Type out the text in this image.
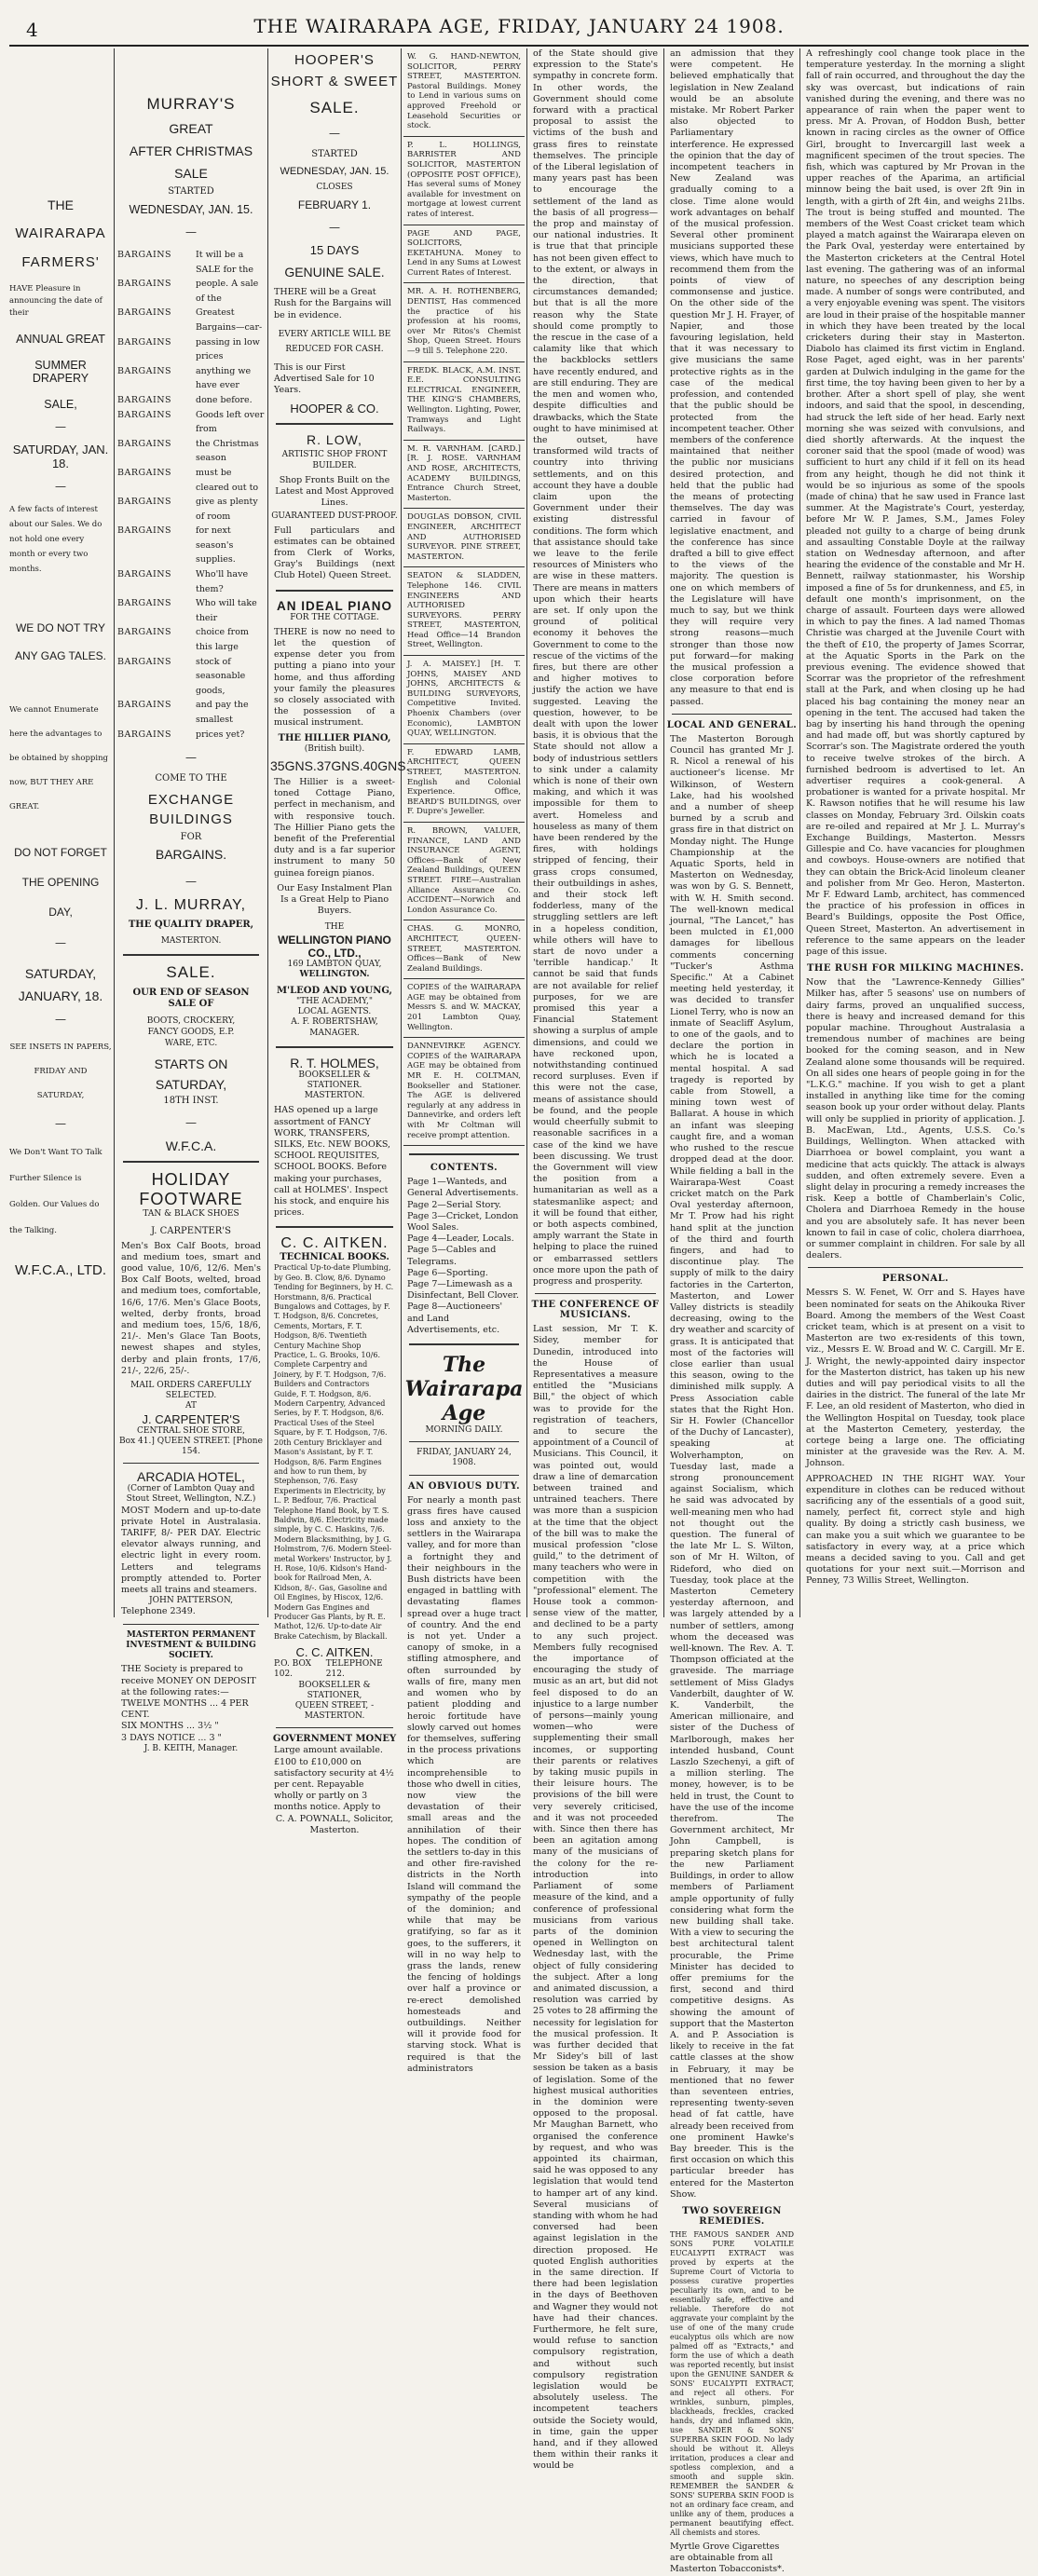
4	THE WAIRARAPA AGE, FRIDAY, JANUARY 24 1908.
THE
WAIRARAPA
FARMERS'
HAVE Pleasure in announcing the date of their
ANNUAL GREAT
SUMMER DRAPERY
SALE,
—
SATURDAY, JAN. 18.
—
A few facts of interest about our Sales. We do not hold one every month or every two months.
WE DO NOT TRY ANY GAG TALES.
We cannot Enumerate here the advantages to be obtained by shopping now, BUT THEY ARE GREAT.
DO NOT FORGET THE OPENING DAY,
—
SATURDAY,
JANUARY, 18.
—
SEE INSETS IN PAPERS, FRIDAY AND SATURDAY,
—
We Don't Want TO Talk Further Silence is Golden. Our Values do the Talking.
W.F.C.A., LTD.
MURRAY'S
GREAT
AFTER CHRISTMAS
SALE
STARTED
WEDNESDAY, JAN. 15.
—
BARGAINS	It will be a SALE for the
BARGAINS	people. A sale of the
BARGAINS	Greatest Bargains—car-
BARGAINS	passing in low prices
BARGAINS	anything we have ever
BARGAINS	done before.
BARGAINS	Goods left over from
BARGAINS	the Christmas season
BARGAINS	must be cleared out to
BARGAINS	give as plenty of room
BARGAINS	for next season's supplies.
BARGAINS	Who'll have them?
BARGAINS	Who will take their
BARGAINS	choice from this large
BARGAINS	stock of seasonable goods,
BARGAINS	and pay the smallest
BARGAINS	prices yet?
—
COME TO THE
EXCHANGE
BUILDINGS
FOR
BARGAINS.
—
J. L. MURRAY,
THE QUALITY DRAPER,
MASTERTON.
SALE.
OUR END OF SEASON SALE OF
BOOTS, CROCKERY, FANCY GOODS, E.P. WARE, ETC.
STARTS ON
SATURDAY,
18TH INST.
—
W.F.C.A.
HOLIDAY
FOOTWARE
TAN & BLACK SHOES
J. CARPENTER'S
Men's Box Calf Boots, broad and medium toes, smart and good value, 10/6, 12/6. Men's Box Calf Boots, welted, broad and medium toes, comfortable, 16/6, 17/6. Men's Glace Boots, welted, derby fronts, broad and medium toes, 15/6, 18/6, 21/-. Men's Glace Tan Boots, newest shapes and styles, derby and plain fronts, 17/6, 21/-, 22/6, 25/-.
MAIL ORDERS CAREFULLY SELECTED.
AT
J. CARPENTER'S
CENTRAL SHOE STORE,
Box 41.] QUEEN STREET. [Phone 154.
ARCADIA HOTEL,
(Corner of Lambton Quay and Stout Street, Wellington, N.Z.)
MOST Modern and up-to-date private Hotel in Australasia. TARIFF, 8/- PER DAY. Electric elevator always running, and electric light in every room. Letters and telegrams promptly attended to. Porter meets all trains and steamers.
JOHN PATTERSON,
Telephone 2349.
MASTERTON PERMANENT INVESTMENT & BUILDING SOCIETY.
THE Society is prepared to receive MONEY ON DEPOSIT at the following rates:—
TWELVE MONTHS ... 4 PER CENT.
SIX MONTHS ... 3½ "
3 DAYS NOTICE ... 3 "
J. B. KEITH, Manager.
HOOPER'S
SHORT & SWEET
SALE.
—
STARTED
WEDNESDAY, JAN. 15.
CLOSES
FEBRUARY 1.
—
15 DAYS
GENUINE SALE.
THERE will be a Great Rush for the Bargains will be in evidence.
EVERY ARTICLE WILL BE REDUCED FOR CASH.
This is our First Advertised Sale for 10 Years.
HOOPER & CO.
R. LOW,
ARTISTIC SHOP FRONT BUILDER.
Shop Fronts Built on the Latest and Most Approved Lines.
GUARANTEED DUST-PROOF.
Full particulars and estimates can be obtained from Clerk of Works, Gray's Buildings (next Club Hotel) Queen Street.
AN IDEAL PIANO
FOR THE COTTAGE.
THERE is now no need to let the question of expense deter you from putting a piano into your home, and thus affording your family the pleasures so closely associated with the possession of a musical instrument.
THE HILLIER PIANO,
(British built).
35GNS. 37GNS. 40GNS.
The Hillier is a sweet-toned Cottage Piano, perfect in mechanism, and with responsive touch. The Hillier Piano gets the benefit of the Preferential duty and is a far superior instrument to many 50 guinea foreign pianos.
Our Easy Instalment Plan Is a Great Help to Piano Buyers.
THE
WELLINGTON PIANO CO., LTD.,
169 LAMBTON QUAY,
WELLINGTON.
M'LEOD AND YOUNG,
"THE ACADEMY,"
LOCAL AGENTS.
A. F. ROBERTSHAW, MANAGER.
R. T. HOLMES,
BOOKSELLER & STATIONER.
MASTERTON.
HAS opened up a large assortment of FANCY WORK, TRANSFERS, SILKS, Etc. NEW BOOKS, SCHOOL REQUISITES, SCHOOL BOOKS. Before making your purchases, call at HOLMES'. Inspect his stock, and enquire his prices.
C. C. AITKEN.
TECHNICAL BOOKS.
Practical Up-to-date Plumbing, by Geo. B. Clow, 8/6. Dynamo Tending for Beginners, by H. C. Horstmann, 8/6. Practical Bungalows and Cottages, by F. T. Hodgson, 8/6. Concretes, Cements, Mortars, F. T. Hodgson, 8/6. Twentieth Century Machine Shop Practice, L. G. Brooks, 10/6. Complete Carpentry and Joinery, by F. T. Hodgson, 7/6. Builders and Contractors Guide, F. T. Hodgson, 8/6. Modern Carpentry, Advanced Series, by F. T. Hodgson, 8/6. Practical Uses of the Steel Square, by F. T. Hodgson, 7/6. 20th Century Bricklayer and Mason's Assistant, by F. T. Hodgson, 8/6. Farm Engines and how to run them, by Stephenson, 7/6. Easy Experiments in Electricity, by L. P. Bedfour, 7/6. Practical Telephone Hand Book, by T. S. Baldwin, 8/6. Electricity made simple, by C. C. Haskins, 7/6. Modern Blacksmithing, by J. G. Holmstrom, 7/6. Modern Steel-metal Workers' Instructor, by J. H. Rose, 10/6. Kidson's Hand-book for Railroad Men, A. Kidson, 8/-. Gas, Gasoline and Oil Engines, by Hiscox, 12/6. Modern Gas Engines and Producer Gas Plants, by R. E. Mathot, 12/6. Up-to-date Air Brake Catechism, by Blackall.
C. C. AITKEN.
P.O. BOX 102.
TELEPHONE 212.
BOOKSELLER & STATIONER,
QUEEN STREET, - MASTERTON.
GOVERNMENT MONEY
Large amount available. £100 to £10,000 on satisfactory security at 4½ per cent. Repayable wholly or partly on 3 months notice. Apply to
C. A. POWNALL, Solicitor, Masterton.
W. G. HAND-NEWTON, SOLICITOR, PERRY STREET, MASTERTON. Pastoral Buildings. Money to Lend in various sums on approved Freehold or Leasehold Securities or stock.
P. L. HOLLINGS, BARRISTER AND SOLICITOR, MASTERTON (OPPOSITE POST OFFICE), Has several sums of Money available for investment on mortgage at lowest current rates of interest.
PAGE AND PAGE, SOLICITORS, EKETAHUNA. Money to Lend in any Sums at Lowest Current Rates of Interest.
MR. A. H. ROTHENBERG, DENTIST, Has commenced the practice of his profession at his rooms, over Mr Ritos's Chemist Shop, Queen Street. Hours—9 till 5. Telephone 220.
FREDK. BLACK, A.M. INST. E.E. CONSULTING ELECTRICAL ENGINEER, THE KING'S CHAMBERS, Wellington. Lighting, Power, Tramways and Light Railways.
M. R. VARNHAM. [CARD.] [R. J. ROSE. VARNHAM AND ROSE, ARCHITECTS, ACADEMY BUILDINGS, Entrance Church Street, Masterton.
DOUGLAS DOBSON, CIVIL ENGINEER, ARCHITECT AND AUTHORISED SURVEYOR. PINE STREET, MASTERTON.
SEATON & SLADDEN, Telephone 146. CIVIL ENGINEERS AND AUTHORISED SURVEYORS. PERRY STREET, MASTERTON, Head Office—14 Brandon Street, Wellington.
J. A. MAISEY.] [H. T. JOHNS, MAISEY AND JOHNS, ARCHITECTS & BUILDING SURVEYORS, Competitive Invited. Phoenix Chambers (over Economic), LAMBTON QUAY, WELLINGTON.
F. EDWARD LAMB, ARCHITECT, QUEEN STREET, MASTERTON. English and Colonial Experience. Office, BEARD'S BUILDINGS, over F. Dupre's Jeweller.
R. BROWN, VALUER, FINANCE, LAND AND INSURANCE AGENT, Offices—Bank of New Zealand Buildings, QUEEN STREET. FIRE—Australian Alliance Assurance Co. ACCIDENT—Norwich and London Assurance Co.
CHAS. G. MONRO, ARCHITECT, QUEEN-STREET, MASTERTON. Offices—Bank of New Zealand Buildings.
COPIES of the WAIRARAPA AGE may be obtained from Messrs S. and W. MACKAY, 201 Lambton Quay, Wellington.
DANNEVIRKE AGENCY. COPIES of the WAIRARAPA AGE may be obtained from MR E. H. COLTMAN, Bookseller and Stationer. The AGE is delivered regularly at any address in Dannevirke, and orders left with Mr Coltman will receive prompt attention.
CONTENTS.
Page 1—Wanteds, and General Advertisements.
Page 2—Serial Story.
Page 3—Cricket, London Wool Sales.
Page 4—Leader, Locals.
Page 5—Cables and Telegrams.
Page 6—Sporting.
Page 7—Limewash as a Disinfectant, Bell Clover.
Page 8—Auctioneers' and Land Advertisements, etc.
The Wairarapa Age
MORNING DAILY.
FRIDAY, JANUARY 24, 1908.
AN OBVIOUS DUTY.
For nearly a month past grass fires have caused loss and anxiety to the settlers in the Wairarapa valley, and for more than a fortnight they and their neighbours in the Bush districts have been engaged in battling with devastating flames spread over a huge tract of country. And the end is not yet. Under a canopy of smoke, in a stifling atmosphere, and often surrounded by walls of fire, many men and women who by patient plodding and heroic fortitude have slowly carved out homes for themselves, suffering in the process privations which are incomprehensible to those who dwell in cities, now view the devastation of their small areas and the annihilation of their hopes. The condition of the settlers to-day in this and other fire-ravished districts in the North Island will command the sympathy of the people of the dominion; and while that may be gratifying, so far as it goes, to the sufferers, it will in no way help to grass the lands, renew the fencing of holdings over half a province or re-erect demolished homesteads and outbuildings. Neither will it provide food for starving stock. What is required is that the administrators
of the State should give expression to the State's sympathy in concrete form. In other words, the Government should come forward with a practical proposal to assist the victims of the bush and grass fires to reinstate themselves. The principle of the Liberal legislation of many years past has been to encourage the settlement of the land as the basis of all progress—the prop and mainstay of our national industries. It is true that that principle has not been given effect to to the extent, or always in the direction, that circumstances demanded; but that is all the more reason why the State should come promptly to the rescue in the case of a calamity like that which the backblocks settlers have recently endured, and are still enduring. They are the men and women who, despite difficulties and drawbacks, which the State ought to have minimised at the outset, have transformed wild tracts of country into thriving settlements, and on this account they have a double claim upon the Government under their existing distressful conditions. The form which that assistance should take we leave to the ferile resources of Ministers who are wise in these matters. There are means in matters upon which their hearts are set. If only upon the ground of political economy it behoves the Government to come to the rescue of the victims of the fires, but there are other and higher motives to justify the action we have suggested. Leaving the question, however, to be dealt with upon the lower basis, it is obvious that the State should not allow a body of industrious settlers to sink under a calamity which is none of their own making, and which it was impossible for them to avert. Homeless and houseless as many of them have been rendered by the fires, with holdings stripped of fencing, their grass crops consumed, their outbuildings in ashes, and their stock left fodderless, many of the struggling settlers are left in a hopeless condition, while others will have to start de novo under a 'terrible handicap.' It cannot be said that funds are not available for relief purposes, for we are promised this year a Financial Statement showing a surplus of ample dimensions, and could we have reckoned upon, notwithstanding continued record surpluses. Even if this were not the case, means of assistance should be found, and the people would cheerfully submit to reasonable sacrifices in a case of the kind we have been discussing. We trust the Government will view the position from a humanitarian as well as a statesmanlike aspect; and it will be found that either, or both aspects combined, amply warrant the State in helping to place the ruined or embarrassed settlers once more upon the path of progress and prosperity.
THE CONFERENCE OF MUSICIANS.
Last session, Mr T. K. Sidey, member for Dunedin, introduced into the House of Representatives a measure entitled the "Musicians Bill," the object of which was to provide for the registration of teachers, and to secure the appointment of a Council of Musicians. This Council, it was pointed out, would draw a line of demarcation between trained and untrained teachers. There was more than a suspicion at the time that the object of the bill was to make the musical profession "close guild," to the detriment of many teachers who were in competition with the "professional" element. The House took a common-sense view of the matter, and declined to be a party to any such project. Members fully recognised the importance of encouraging the study of music as an art, but did not feel disposed to do an injustice to a large number of persons—mainly young women—who were supplementing their small incomes, or supporting their parents or relatives by taking music pupils in their leisure hours. The provisions of the bill were very severely criticised, and it was not proceeded with. Since then there has been an agitation among many of the musicians of the colony for the re-introduction into Parliament of some measure of the kind, and a conference of professional musicians from various parts of the dominion opened in Wellington on Wednesday last, with the object of fully considering the subject. After a long and animated discussion, a resolution was carried by 25 votes to 28 affirming the necessity for legislation for the musical profession. It was further decided that Mr Sidey's bill of last session be taken as a basis of legislation. Some of the highest musical authorities in the dominion were opposed to the proposal. Mr Maughan Barnett, who organised the conference by request, and who was appointed its chairman, said he was opposed to any legislation that would tend to hamper art of any kind. Several musicians of standing with whom he had conversed had been against legislation in the direction proposed. He quoted English authorities in the same direction. If there had been legislation in the days of Beethoven and Wagner they would not have had their chances. Furthermore, he felt sure, would refuse to sanction compulsory registration, and without such compulsory registration legislation would be absolutely useless. The incompetent teachers outside the Society would, in time, gain the upper hand, and if they allowed them within their ranks it would be
an admission that they were competent. He believed emphatically that legislation in New Zealand would be an absolute mistake. Mr Robert Parker also objected to Parliamentary interference. He expressed the opinion that the day of incompetent teachers in New Zealand was gradually coming to a close. Time alone would work advantages on behalf of the musical profession. Several other prominent musicians supported these views, which have much to recommend them from the points of view of commonsense and justice. On the other side of the question Mr J. H. Frayer, of Napier, and those favouring legislation, held that it was necessary to give musicians the same protective rights as in the case of the medical profession, and contended that the public should be protected from the incompetent teacher. Other members of the conference maintained that neither the public nor musicians desired protection, and held that the public had the means of protecting themselves. The day was carried in favour of legislative enactment, and the conference has since drafted a bill to give effect to the views of the majority. The question is one on which members of the Legislature will have much to say, but we think they will require very strong reasons—much stronger than those now put forward—for making the musical profession a close corporation before any measure to that end is passed.
LOCAL AND GENERAL.
The Masterton Borough Council has granted Mr J. R. Nicol a renewal of his auctioneer's license. Mr Wilkinson, of Western Lake, had his woolshed and a number of sheep burned by a scrub and grass fire in that district on Monday night. The Hunge Championship at the Aquatic Sports, held in Masterton on Wednesday, was won by G. S. Bennett, with W. H. Smith second. The well-known medical journal, "The Lancet," has been mulcted in £1,000 damages for libellous comments concerning "Tucker's Asthma Specific." At a Cabinet meeting held yesterday, it was decided to transfer Lionel Terry, who is now an inmate of Seacliff Asylum, to one of the gaols, and to declare the portion in which he is located a mental hospital. A sad tragedy is reported by cable from Stowell, a mining town west of Ballarat. A house in which an infant was sleeping caught fire, and a woman who rushed to the rescue dropped dead at the door. While fielding a ball in the Wairarapa-West Coast cricket match on the Park Oval yesterday afternoon, Mr T. Prow had his right hand split at the junction of the third and fourth fingers, and had to discontinue play. The supply of milk to the dairy factories in the Carterton, Masterton, and Lower Valley districts is steadily decreasing, owing to the dry weather and scarcity of grass. It is anticipated that most of the factories will close earlier than usual this season, owing to the diminished milk supply. A Press Association cable states that the Right Hon. Sir H. Fowler (Chancellor of the Duchy of Lancaster), speaking at Wolverhampton, on Tuesday last, made a strong pronouncement against Socialism, which he said was advocated by well-meaning men who had not thought out the question. The funeral of the late Mr L. S. Wilton, son of Mr H. Wilton, of Rideford, who died on Tuesday, took place at the Masterton Cemetery yesterday afternoon, and was largely attended by a number of settlers, among whom the deceased was well-known. The Rev. A. T. Thompson officiated at the graveside. The marriage settlement of Miss Gladys Vanderbilt, daughter of W. K. Vanderbilt, the American millionaire, and sister of the Duchess of Marlborough, makes her intended husband, Count Laszlo Szechenyi, a gift of a million sterling. The money, however, is to be held in trust, the Count to have the use of the income therefrom. The Government architect, Mr John Campbell, is preparing sketch plans for the new Parliament Buildings, in order to allow members of Parliament ample opportunity of fully considering what form the new building shall take. With a view to securing the best architectural talent procurable, the Prime Minister has decided to offer premiums for the first, second and third competitive designs. As showing the amount of support that the Masterton A. and P. Association is likely to receive in the fat cattle classes at the show in February, it may be mentioned that no fewer than seventeen entries, representing twenty-seven head of fat cattle, have already been received from one prominent Hawke's Bay breeder. This is the first occasion on which this particular breeder has entered for the Masterton Show.
TWO SOVEREIGN REMEDIES.
THE FAMOUS SANDER AND SONS PURE VOLATILE EUCALYPTI EXTRACT was proved by experts at the Supreme Court of Victoria to possess curative properties peculiarly its own, and to be essentially safe, effective and reliable. Therefore do not aggravate your complaint by the use of one of the many crude eucalyptus oils which are now palmed off as "Extracts," and form the use of which a death was reported recently, but insist upon the GENUINE SANDER & SONS' EUCALYPTI EXTRACT, and reject all others. For wrinkles, sunburn, pimples, blackheads, freckles, cracked hands, dry and inflamed skin, use SANDER & SONS' SUPERBA SKIN FOOD. No lady should be without it. Alleys irritation, produces a clear and spotless complexion, and a smooth and supple skin. REMEMBER the SANDER & SONS' SUPERBA SKIN FOOD is not an ordinary face cream, and unlike any of them, produces a permanent beautifying effect. All chemists and stores.
Myrtle Grove Cigarettes are obtainable from all Masterton Tobacconists*.
A refreshingly cool change took place in the temperature yesterday. In the morning a slight fall of rain occurred, and throughout the day the sky was overcast, but indications of rain vanished during the evening, and there was no appearance of rain when the paper went to press. Mr A. Provan, of Hoddon Bush, better known in racing circles as the owner of Office Girl, brought to Invercargill last week a magnificent specimen of the trout species. The fish, which was captured by Mr Provan in the upper reaches of the Aparima, an artificial minnow being the bait used, is over 2ft 9in in length, with a girth of 2ft 4in, and weighs 21lbs. The trout is being stuffed and mounted. The members of the West Coast cricket team which played a match against the Wairarapa eleven on the Park Oval, yesterday were entertained by the Masterton cricketers at the Central Hotel last evening. The gathering was of an informal nature, no speeches of any description being made. A number of songs were contributed, and a very enjoyable evening was spent. The visitors are loud in their praise of the hospitable manner in which they have been treated by the local cricketers during their stay in Masterton. Diabolo has claimed its first victim in England. Rose Paget, aged eight, was in her parents' garden at Dulwich indulging in the game for the first time, the toy having been given to her by a brother. After a short spell of play, she went indoors, and said that the spool, in descending, had struck the left side of her head. Early next morning she was seized with convulsions, and died shortly afterwards. At the inquest the coroner said that the spool (made of wood) was sufficient to hurt any child if it fell on its head from any height, though he did not think it would be so injurious as some of the spools (made of china) that he saw used in France last summer. At the Magistrate's Court, yesterday, before Mr W. P. James, S.M., James Foley pleaded not guilty to a charge of being drunk and assaulting Constable Doyle at the railway station on Wednesday afternoon, and after hearing the evidence of the constable and Mr H. Bennett, railway stationmaster, his Worship imposed a fine of 5s for drunkenness, and £5, in default one month's imprisonment, on the charge of assault. Fourteen days were allowed in which to pay the fines. A lad named Thomas Christie was charged at the Juvenile Court with the theft of £10, the property of James Scorrar, at the Aquatic Sports in the Park on the previous evening. The evidence showed that Scorrar was the proprietor of the refreshment stall at the Park, and when closing up he had placed his bag containing the money near an opening in the tent. The accused had taken the bag by inserting his hand through the opening and had made off, but was shortly captured by Scorrar's son. The Magistrate ordered the youth to receive twelve strokes of the birch. A furnished bedroom is advertised to let. An advertiser requires a cook-general. A probationer is wanted for a private hospital. Mr K. Rawson notifies that he will resume his law classes on Monday, February 3rd. Oilskin coats are re-oiled and repaired at Mr J. L. Murray's Exchange Buildings, Masterton. Messrs Gillespie and Co. have vacancies for ploughmen and cowboys. House-owners are notified that they can obtain the Brick-Acid linoleum cleaner and polisher from Mr Geo. Heron, Masterton. Mr F. Edward Lamb, architect, has commenced the practice of his profession in offices in Beard's Buildings, opposite the Post Office, Queen Street, Masterton. An advertisement in reference to the same appears on the leader page of this issue.
THE RUSH FOR MILKING MACHINES.
Now that the "Lawrence-Kennedy Gillies" Milker has, after 5 seasons' use on numbers of dairy farms, proved an unqualified success, there is heavy and increased demand for this popular machine. Throughout Australasia a tremendous number of machines are being booked for the coming season, and in New Zealand alone some thousands will be required. On all sides one hears of people going in for the "L.K.G." machine. If you wish to get a plant installed in anything like time for the coming season book up your order without delay. Plants will only be supplied in priority of application. J. B. MacEwan, Ltd., Agents, U.S.S. Co.'s Buildings, Wellington. When attacked with Diarrhoea or bowel complaint, you want a medicine that acts quickly. The attack is always sudden, and often extremely severe. Even a slight delay in procuring a remedy increases the risk. Keep a bottle of Chamberlain's Colic, Cholera and Diarrhoea Remedy in the house and you are absolutely safe. It has never been known to fail in case of colic, cholera diarrhoea, or summer complaint in children. For sale by all dealers.
PERSONAL.
Messrs S. W. Fenet, W. Orr and S. Hayes have been nominated for seats on the Ahikouka River Board. Among the members of the West Coast cricket team, which is at present on a visit to Masterton are two ex-residents of this town, viz., Messrs E. W. Broad and W. C. Cargill. Mr E. J. Wright, the newly-appointed dairy inspector for the Masterton district, has taken up his new duties and will pay periodical visits to all the dairies in the district. The funeral of the late Mr F. Lee, an old resident of Masterton, who died in the Wellington Hospital on Tuesday, took place at the Masterton Cemetery, yesterday, the cortege being a large one. The officiating minister at the graveside was the Rev. A. M. Johnson.
APPROACHED IN THE RIGHT WAY. Your expenditure in clothes can be reduced without sacrificing any of the essentials of a good suit, namely, perfect fit, correct style and high quality. By doing a strictly cash business, we can make you a suit which we guarantee to be satisfactory in every way, at a price which means a decided saving to you. Call and get quotations for your next suit.—Morrison and Penney, 73 Willis Street, Wellington.
